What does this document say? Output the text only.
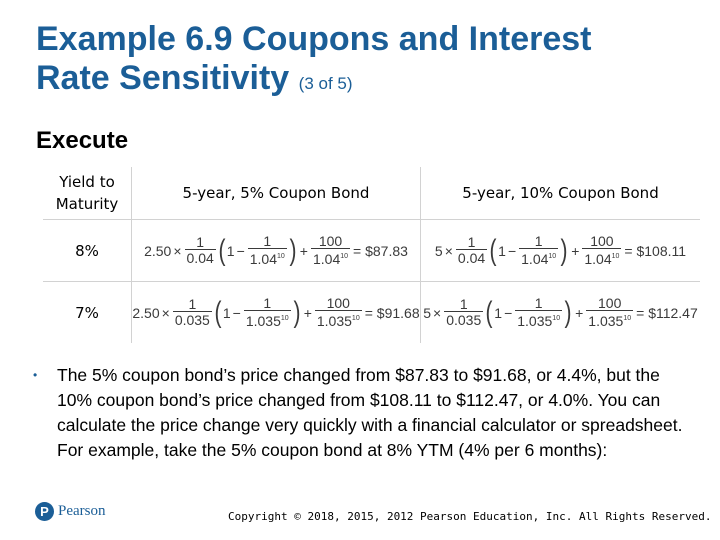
Example 6.9 Coupons and Interest
Rate Sensitivity (3 of 5)
Execute
Yield to Maturity
5-year, 5% Coupon Bond	5-year, 10% Coupon Bond
8%
7%
$2.50 \times \frac{1}{0.04}$ ( $1 - \frac{1}{1.04^{10}}$ ) + $\frac{100}{1.04^{10}}$ = $87.83 $5 \times \frac{1}{0.04}$ ( $1 - \frac{1}{1.04^{10}}$ ) + $\frac{100}{1.04^{10}}$ = $108.11
$2.50 \times \frac{1}{0.035}$ ( $1 - \frac{1}{1.035^{10}}$ ) + $\frac{100}{1.035^{10}}$ = $91.68 $5 \times \frac{1}{0.035}$ ( $1 - \frac{1}{1.035^{10}}$ ) + $\frac{100}{1.035^{10}}$ = $112.47
• The 5% coupon bond’s price changed from $87.83 to $91.68, or 4.4%, but the 10% coupon bond’s price changed from $108.11 to $112.47, or 4.0%. You can calculate the price change very quickly with a financial calculator or spreadsheet. For example, take the 5% coupon bond at 8% YTM (4% per 6 months):
P Pearson	Copyright © 2018, 2015, 2012 Pearson Education, Inc. All Rights Reserved.
